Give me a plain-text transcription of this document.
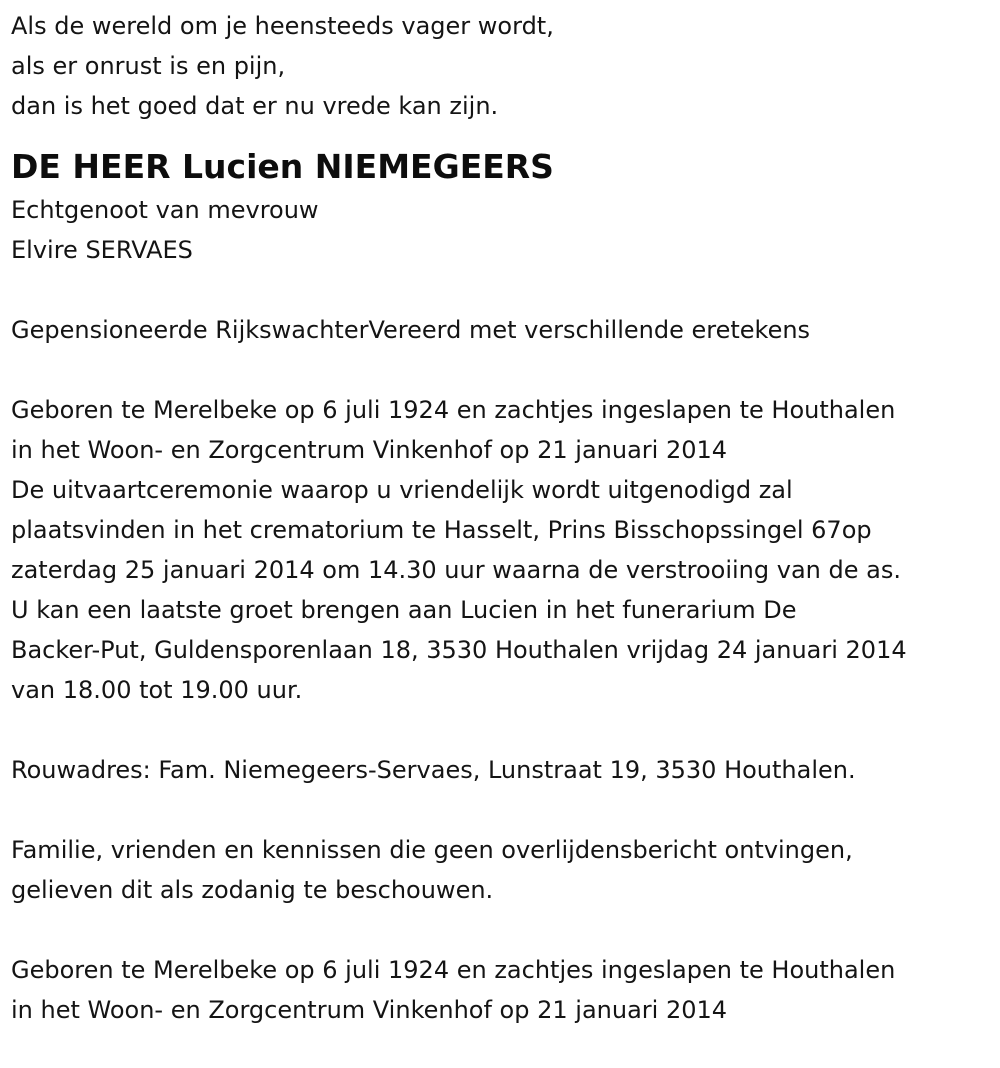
Als de wereld om je heensteeds vager wordt,
als er onrust is en pijn,
dan is het goed dat er nu vrede kan zijn.
DE HEER Lucien NIEMEGEERS
Echtgenoot van mevrouw
Elvire SERVAES
Gepensioneerde RijkswachterVereerd met verschillende eretekens
Geboren te Merelbeke op 6 juli 1924 en zachtjes ingeslapen te Houthalen
in het Woon- en Zorgcentrum Vinkenhof op 21 januari 2014
De uitvaartceremonie waarop u vriendelijk wordt uitgenodigd zal
plaatsvinden in het crematorium te Hasselt, Prins Bisschopssingel 67op
zaterdag 25 januari 2014 om 14.30 uur waarna de verstrooiing van de as.
U kan een laatste groet brengen aan Lucien in het funerarium De
Backer-Put, Guldensporenlaan 18, 3530 Houthalen vrijdag 24 januari 2014
van 18.00 tot 19.00 uur.
Rouwadres: Fam. Niemegeers-Servaes, Lunstraat 19, 3530 Houthalen.
Familie, vrienden en kennissen die geen overlijdensbericht ontvingen,
gelieven dit als zodanig te beschouwen.
Geboren te Merelbeke op 6 juli 1924 en zachtjes ingeslapen te Houthalen
in het Woon- en Zorgcentrum Vinkenhof op 21 januari 2014
